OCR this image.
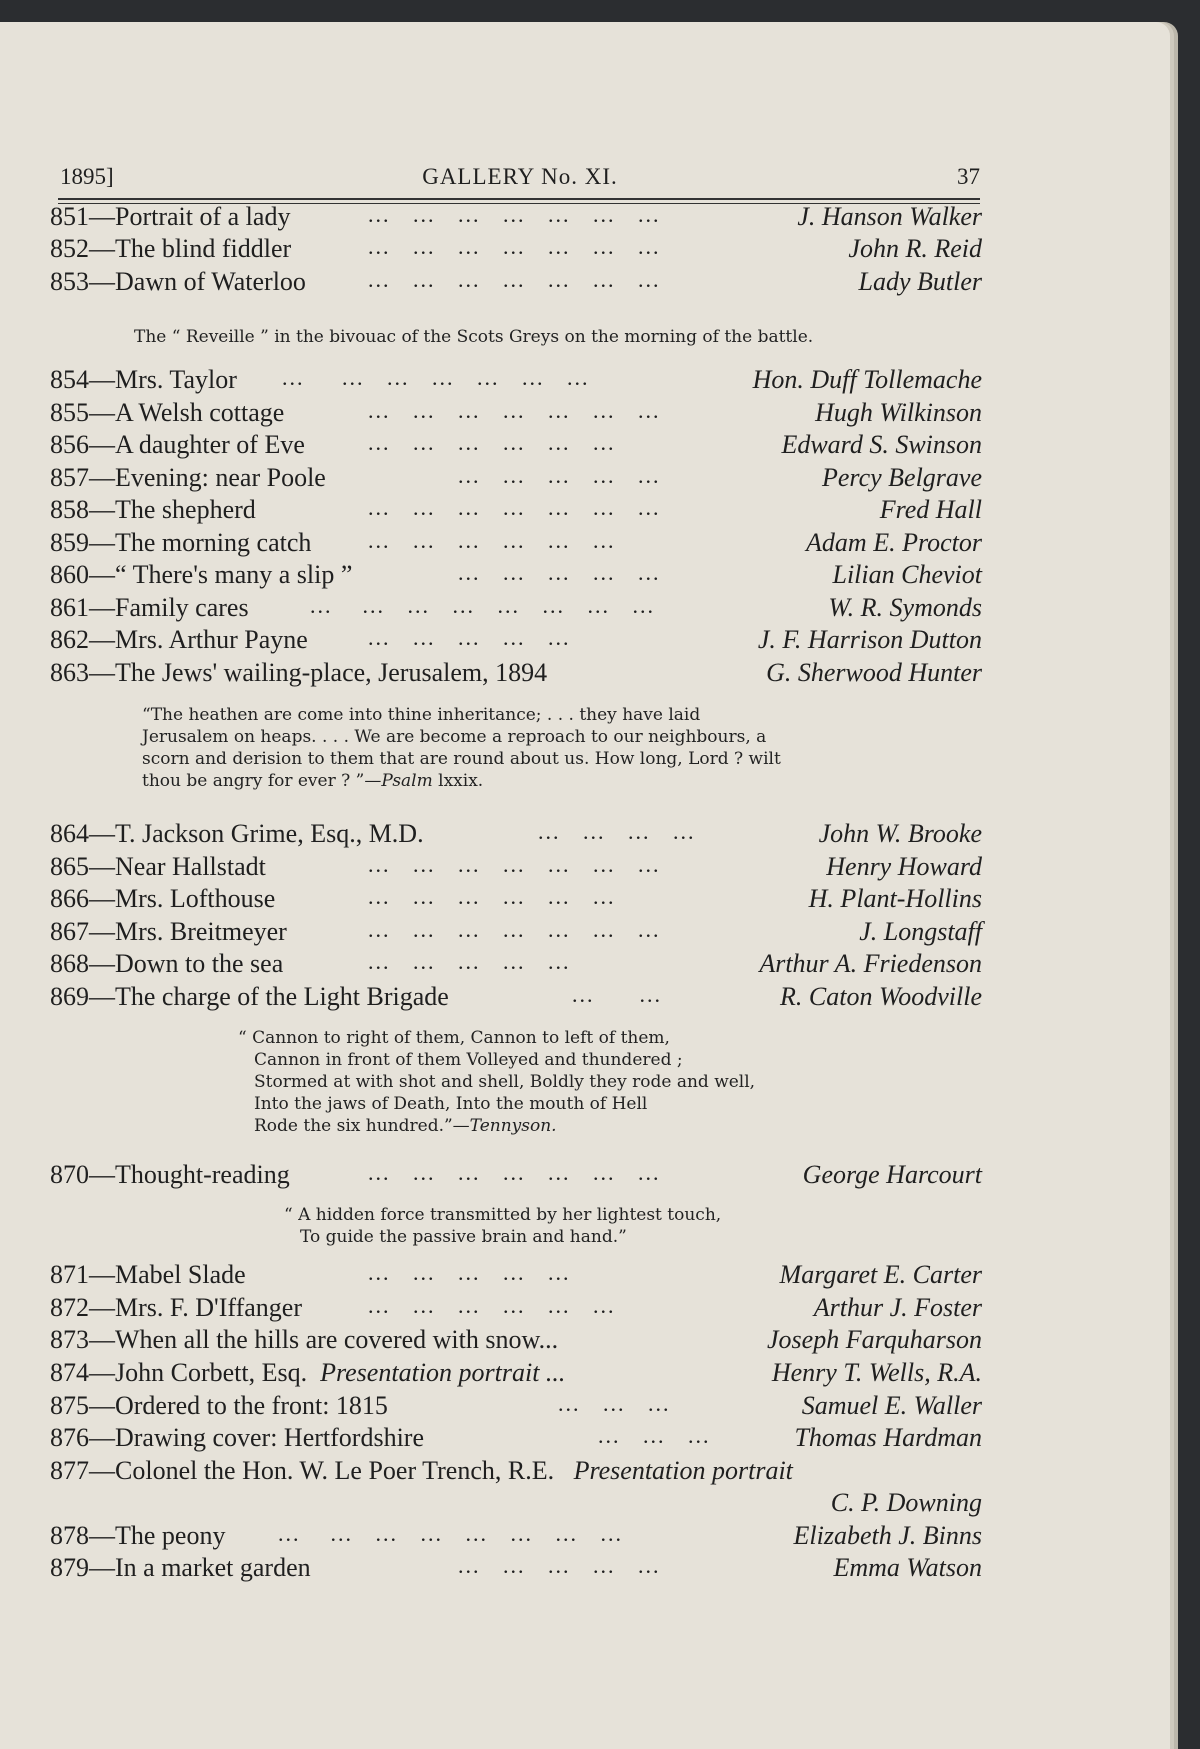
1895]	GALLERY No. XI.	37
851—Portrait of a lady	...   ...   ...   ...   ...   ...   ...	J. Hanson Walker
852—The blind fiddler	...   ...   ...   ...   ...   ...   ...	John R. Reid
853—Dawn of Waterloo	...   ...   ...   ...   ...   ...   ...	Lady Butler
The “ Reveille ” in the bivouac of the Scots Greys on the morning of the battle.
854—Mrs. Taylor ...     ...   ...   ...   ...   ...   ...	Hon. Duff Tollemache
855—A Welsh cottage	...   ...   ...   ...   ...   ...   ...	Hugh Wilkinson
856—A daughter of Eve	...   ...   ...   ...   ...   ...	Edward S. Swinson
857—Evening: near Poole	...   ...   ...   ...   ...	Percy Belgrave
858—The shepherd	...   ...   ...   ...   ...   ...   ...	Fred Hall
859—The morning catch	...   ...   ...   ...   ...   ...	Adam E. Proctor
860—“ There's many a slip ”	...   ...   ...   ...   ...	Lilian Cheviot
861—Family cares	...    ...   ...   ...   ...   ...   ...   ...	W. R. Symonds
862—Mrs. Arthur Payne	...   ...   ...   ...   ...	J. F. Harrison Dutton
863—The Jews' wailing-place, Jerusalem, 1894	G. Sherwood Hunter
“The heathen are come into thine inheritance; . . . they have laid
Jerusalem on heaps. . . . We are become a reproach to our neighbours, a
scorn and derision to them that are round about us. How long, Lord ? wilt
thou be angry for ever ? ”—Psalm lxxix.
864—T. Jackson Grime, Esq., M.D.	...   ...   ...   ...	John W. Brooke
865—Near Hallstadt	...   ...   ...   ...   ...   ...   ...	Henry Howard
866—Mrs. Lofthouse	...   ...   ...   ...   ...   ...	H. Plant-Hollins
867—Mrs. Breitmeyer	...   ...   ...   ...   ...   ...   ...	J. Longstaff
868—Down to the sea	...   ...   ...   ...   ...	Arthur A. Friedenson
869—The charge of the Light Brigade	...      ...	R. Caton Woodville
“ Cannon to right of them, Cannon to left of them,
Cannon in front of them Volleyed and thundered ;
Stormed at with shot and shell, Boldly they rode and well,
Into the jaws of Death, Into the mouth of Hell
Rode the six hundred.”—Tennyson.
870—Thought-reading	...   ...   ...   ...   ...   ...   ...	George Harcourt
“ A hidden force transmitted by her lightest touch,
To guide the passive brain and hand.”
871—Mabel Slade	...   ...   ...   ...   ...	Margaret E. Carter
872—Mrs. F. D'Iffanger	...   ...   ...   ...   ...   ...	Arthur J. Foster
873—When all the hills are covered with snow...	Joseph Farquharson
874—John Corbett, Esq. Presentation portrait ...	Henry T. Wells, R.A.
875—Ordered to the front: 1815	...   ...   ...	Samuel E. Waller
876—Drawing cover: Hertfordshire	...   ...   ...	Thomas Hardman
877—Colonel the Hon. W. Le Poer Trench, R.E. Presentation portrait
C. P. Downing
878—The peony ...    ...   ...   ...   ...   ...   ...   ...	Elizabeth J. Binns
879—In a market garden	...   ...   ...   ...   ...	Emma Watson
